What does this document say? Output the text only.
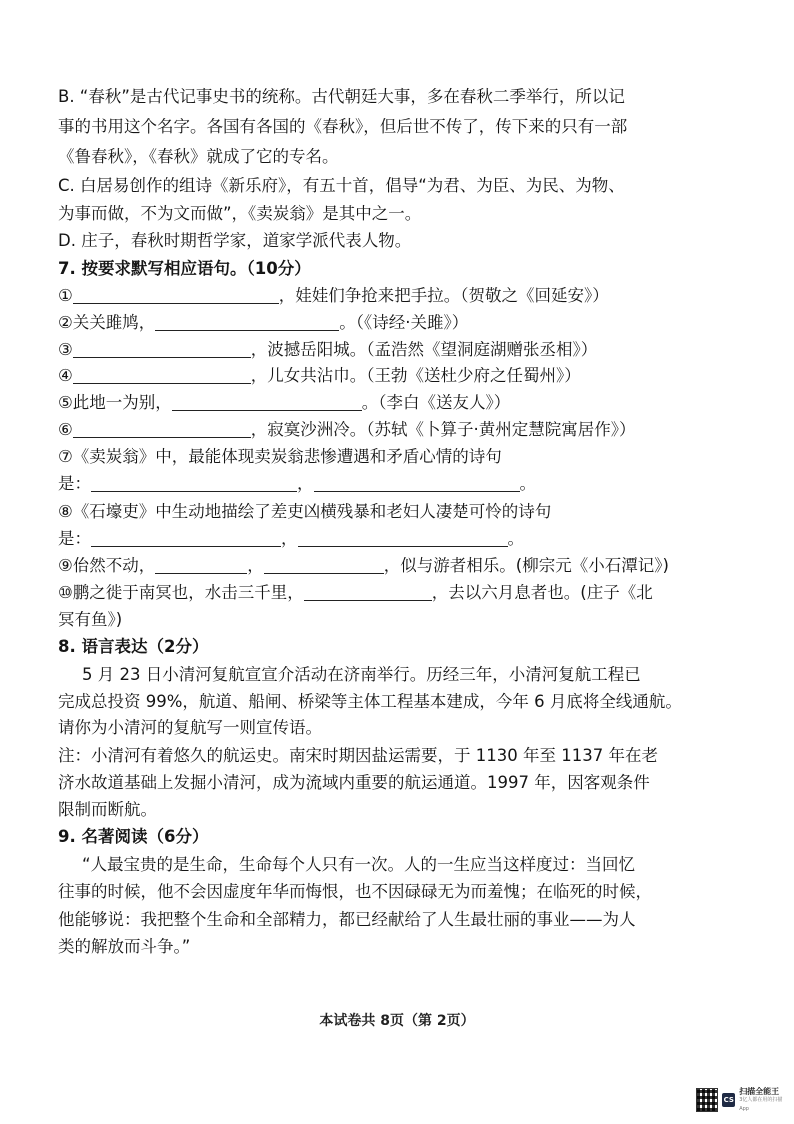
B. “春秋”是古代记事史书的统称。古代朝廷大事，多在春秋二季举行，所以记
事的书用这个名字。各国有各国的《春秋》，但后世不传了，传下来的只有一部
《鲁春秋》，《春秋》就成了它的专名。
C. 白居易创作的组诗《新乐府》，有五十首，倡导“为君、为臣、为民、为物、
为事而做，不为文而做”，《卖炭翁》是其中之一。
D. 庄子，春秋时期哲学家，道家学派代表人物。
7. 按要求默写相应语句。（10分）
①	，娃娃们争抢来把手拉。（贺敬之《回延安》）
②关关雎鸠，	。（《诗经·关雎》）
③	，波撼岳阳城。（孟浩然《望洞庭湖赠张丞相》）
④	，儿女共沾巾。（王勃《送杜少府之任蜀州》）
⑤此地一为别，	。（李白《送友人》）
⑥	，寂寞沙洲冷。（苏轼《卜算子·黄州定慧院寓居作》）
⑦《卖炭翁》中，最能体现卖炭翁悲惨遭遇和矛盾心情的诗句
是：	，	。
⑧《石壕吏》中生动地描绘了差吏凶横残暴和老妇人凄楚可怜的诗句
是：	，	。
⑨佁然不动，	，	，似与游者相乐。(柳宗元《小石潭记》)
⑩鹏之徙于南冥也，水击三千里，	，去以六月息者也。(庄子《北
冥有鱼》)
8. 语言表达（2分）
5 月 23 日小清河复航宣宣介活动在济南举行。历经三年，小清河复航工程已
完成总投资 99%，航道、船闸、桥梁等主体工程基本建成，今年 6 月底将全线通航。
请你为小清河的复航写一则宣传语。
注：小清河有着悠久的航运史。南宋时期因盐运需要，于 1130 年至 1137 年在老
济水故道基础上发掘小清河，成为流域内重要的航运通道。1997 年，因客观条件
限制而断航。
9. 名著阅读（6分）
“人最宝贵的是生命，生命每个人只有一次。人的一生应当这样度过：当回忆
往事的时候，他不会因虚度年华而悔恨，也不因碌碌无为而羞愧；在临死的时候，
他能够说：我把整个生命和全部精力，都已经献给了人生最壮丽的事业——为人
类的解放而斗争。”
本试卷共 8页（第 2页）
CS
扫描全能王
3亿人都在用的扫描App
